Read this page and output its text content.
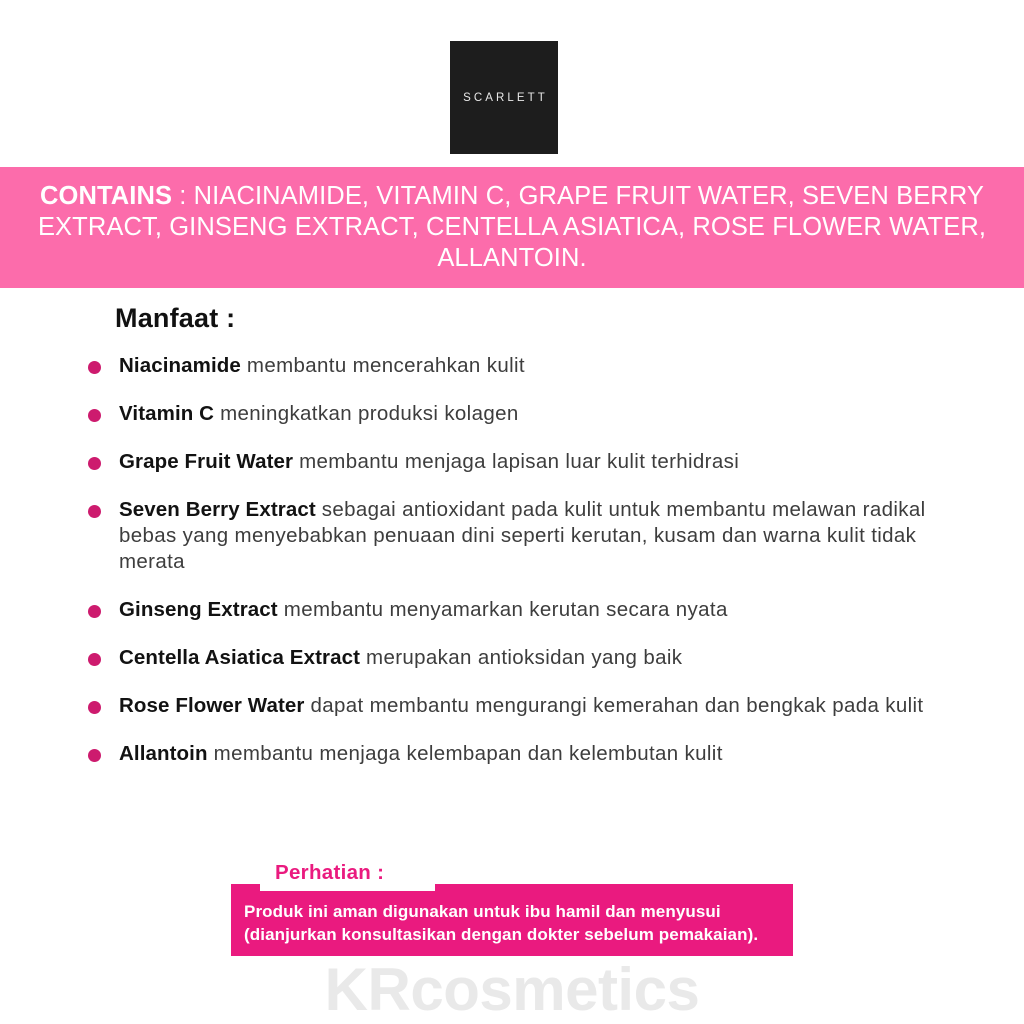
SCARLETT
CONTAINS : NIACINAMIDE, VITAMIN C, GRAPE FRUIT WATER, SEVEN BERRY EXTRACT, GINSENG EXTRACT, CENTELLA ASIATICA, ROSE FLOWER WATER, ALLANTOIN.
Manfaat :
Niacinamide membantu mencerahkan kulit
Vitamin C meningkatkan produksi kolagen
Grape Fruit Water membantu menjaga lapisan luar kulit terhidrasi
Seven Berry Extract sebagai antioxidant pada kulit untuk membantu melawan radikal bebas yang menyebabkan penuaan dini seperti kerutan, kusam dan warna kulit tidak merata
Ginseng Extract membantu menyamarkan kerutan secara nyata
Centella Asiatica Extract merupakan antioksidan yang baik
Rose Flower Water dapat membantu mengurangi kemerahan dan bengkak pada kulit
Allantoin membantu menjaga kelembapan dan kelembutan kulit
Perhatian :
Produk ini aman digunakan untuk ibu hamil dan menyusui
(dianjurkan konsultasikan dengan dokter sebelum pemakaian).
KRcosmetics
